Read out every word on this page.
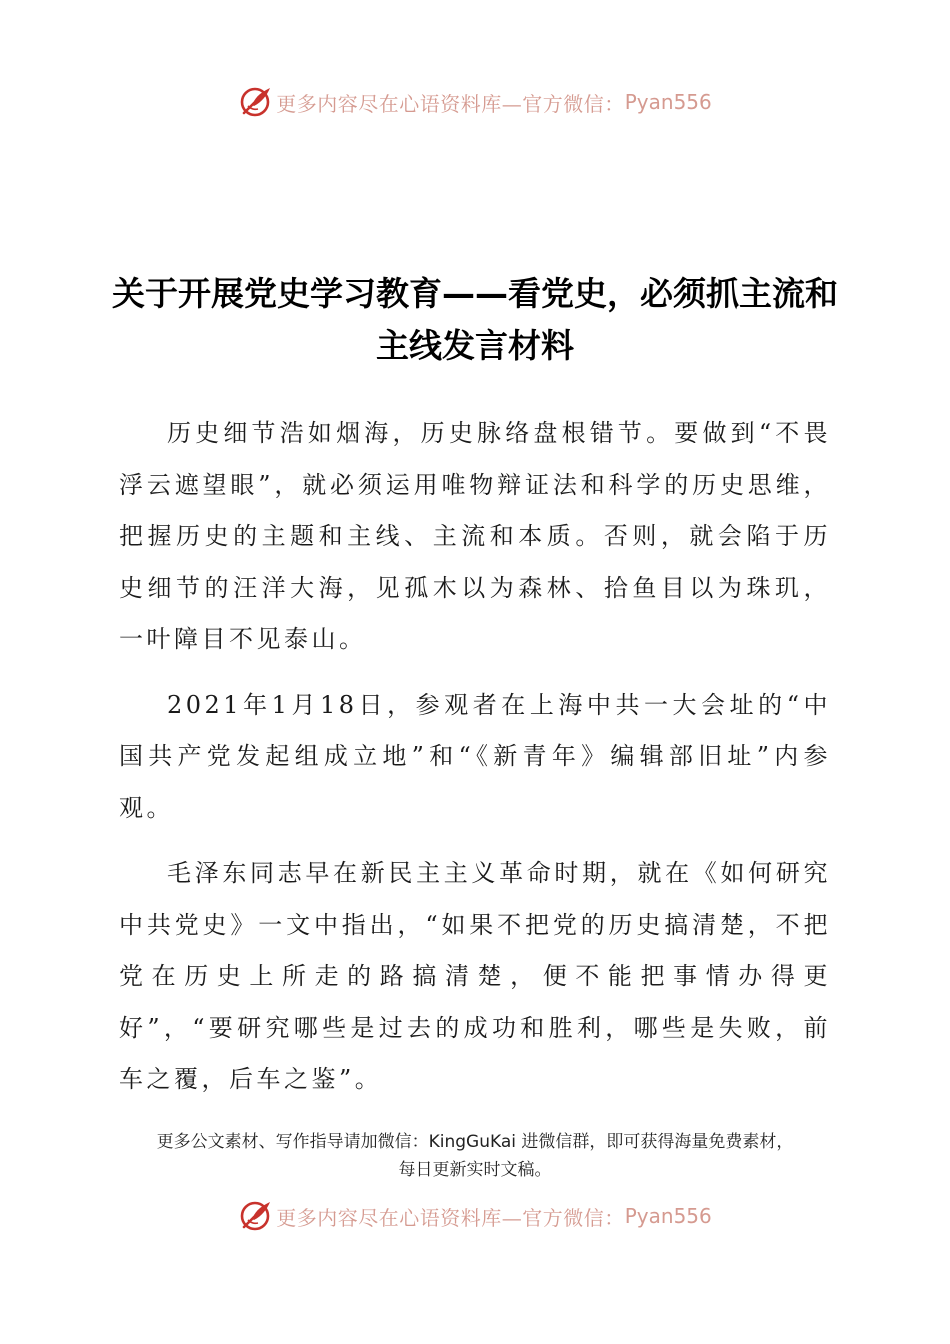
更多内容尽在心语资料库—官方微信： Pyan556
关于开展党史学习教育——看党史，必须抓主流和主线发言材料

历史细节浩如烟海，历史脉络盘根错节。要做到“不畏浮云遮望眼”，就必须运用唯物辩证法和科学的历史思维，把握历史的主题和主线、主流和本质。否则，就会陷于历史细节的汪洋大海，见孤木以为森林、拾鱼目以为珠玑，一叶障目不见泰山。

2021年1月18日，参观者在上海中共一大会址的“中国共产党发起组成立地”和“《新青年》编辑部旧址”内参观。

毛泽东同志早在新民主主义革命时期，就在《如何研究中共党史》一文中指出，“如果不把党的历史搞清楚，不把党在历史上所走的路搞清楚，便不能把事情办得更好”，“要研究哪些是过去的成功和胜利，哪些是失败，前车之覆，后车之鉴”。

更多公文素材、写作指导请加微信：KingGuKai 进微信群，即可获得海量免费素材，
每日更新实时文稿。
更多内容尽在心语资料库—官方微信： Pyan556
